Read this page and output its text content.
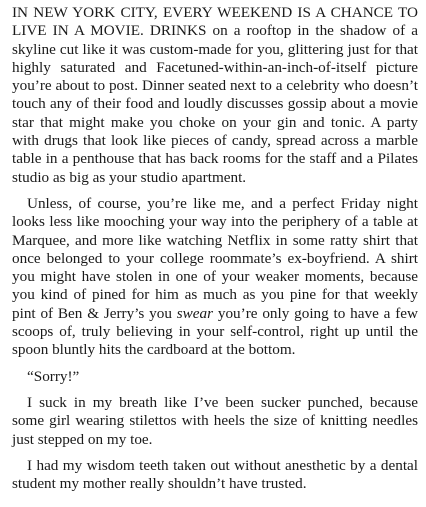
IN NEW YORK CITY, EVERY WEEKEND IS A CHANCE TO LIVE IN A MOVIE. DRINKS on a rooftop in the shadow of a skyline cut like it was custom-made for you, glittering just for that highly saturated and Facetuned-within-an-inch-of-itself picture you’re about to post. Dinner seated next to a celebrity who doesn’t touch any of their food and loudly discusses gossip about a movie star that might make you choke on your gin and tonic. A party with drugs that look like pieces of candy, spread across a marble table in a penthouse that has back rooms for the staff and a Pilates studio as big as your studio apartment.

Unless, of course, you’re like me, and a perfect Friday night looks less like mooching your way into the periphery of a table at Marquee, and more like watching Netflix in some ratty shirt that once belonged to your college roommate’s ex-boyfriend. A shirt you might have stolen in one of your weaker moments, because you kind of pined for him as much as you pine for that weekly pint of Ben & Jerry’s you swear you’re only going to have a few scoops of, truly believing in your self-control, right up until the spoon bluntly hits the cardboard at the bottom.

“Sorry!”

I suck in my breath like I’ve been sucker punched, because some girl wearing stilettos with heels the size of knitting needles just stepped on my toe.

I had my wisdom teeth taken out without anesthetic by a dental student my mother really shouldn’t have trusted.
